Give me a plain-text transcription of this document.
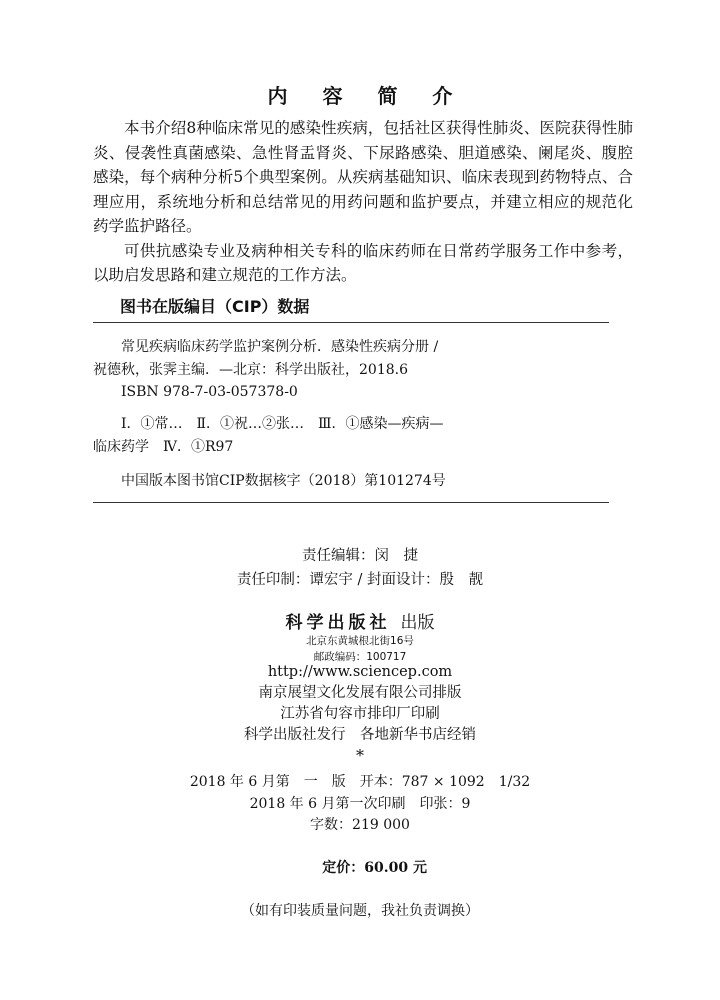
内 容 简 介

本书介绍8种临床常见的感染性疾病，包括社区获得性肺炎、医院获得性肺炎、侵袭性真菌感染、急性肾盂肾炎、下尿路感染、胆道感染、阑尾炎、腹腔感染，每个病种分析5个典型案例。从疾病基础知识、临床表现到药物特点、合理应用，系统地分析和总结常见的用药问题和监护要点，并建立相应的规范化药学监护路径。

可供抗感染专业及病种相关专科的临床药师在日常药学服务工作中参考，以助启发思路和建立规范的工作方法。

图书在版编目（CIP）数据
常见疾病临床药学监护案例分析．感染性疾病分册 /
祝德秋，张霁主编．—北京：科学出版社，2018.6
ISBN 978-7-03-057378-0
Ⅰ．①常…　Ⅱ．①祝…②张…　Ⅲ．①感染—疾病—
临床药学　Ⅳ．①R97
中国版本图书馆CIP数据核字（2018）第101274号
责任编辑：闵　捷
责任印制：谭宏宇 / 封面设计：殷　靓
科学出版社 出版
北京东黄城根北街16号
邮政编码：100717
http://www.sciencep.com
南京展望文化发展有限公司排版
江苏省句容市排印厂印刷
科学出版社发行　各地新华书店经销
*
2018 年 6 月第　一　版　开本：787 × 1092　1/32
2018 年 6 月第一次印刷　印张：9
字数：219 000

定价：60.00 元

（如有印装质量问题，我社负责调换）
